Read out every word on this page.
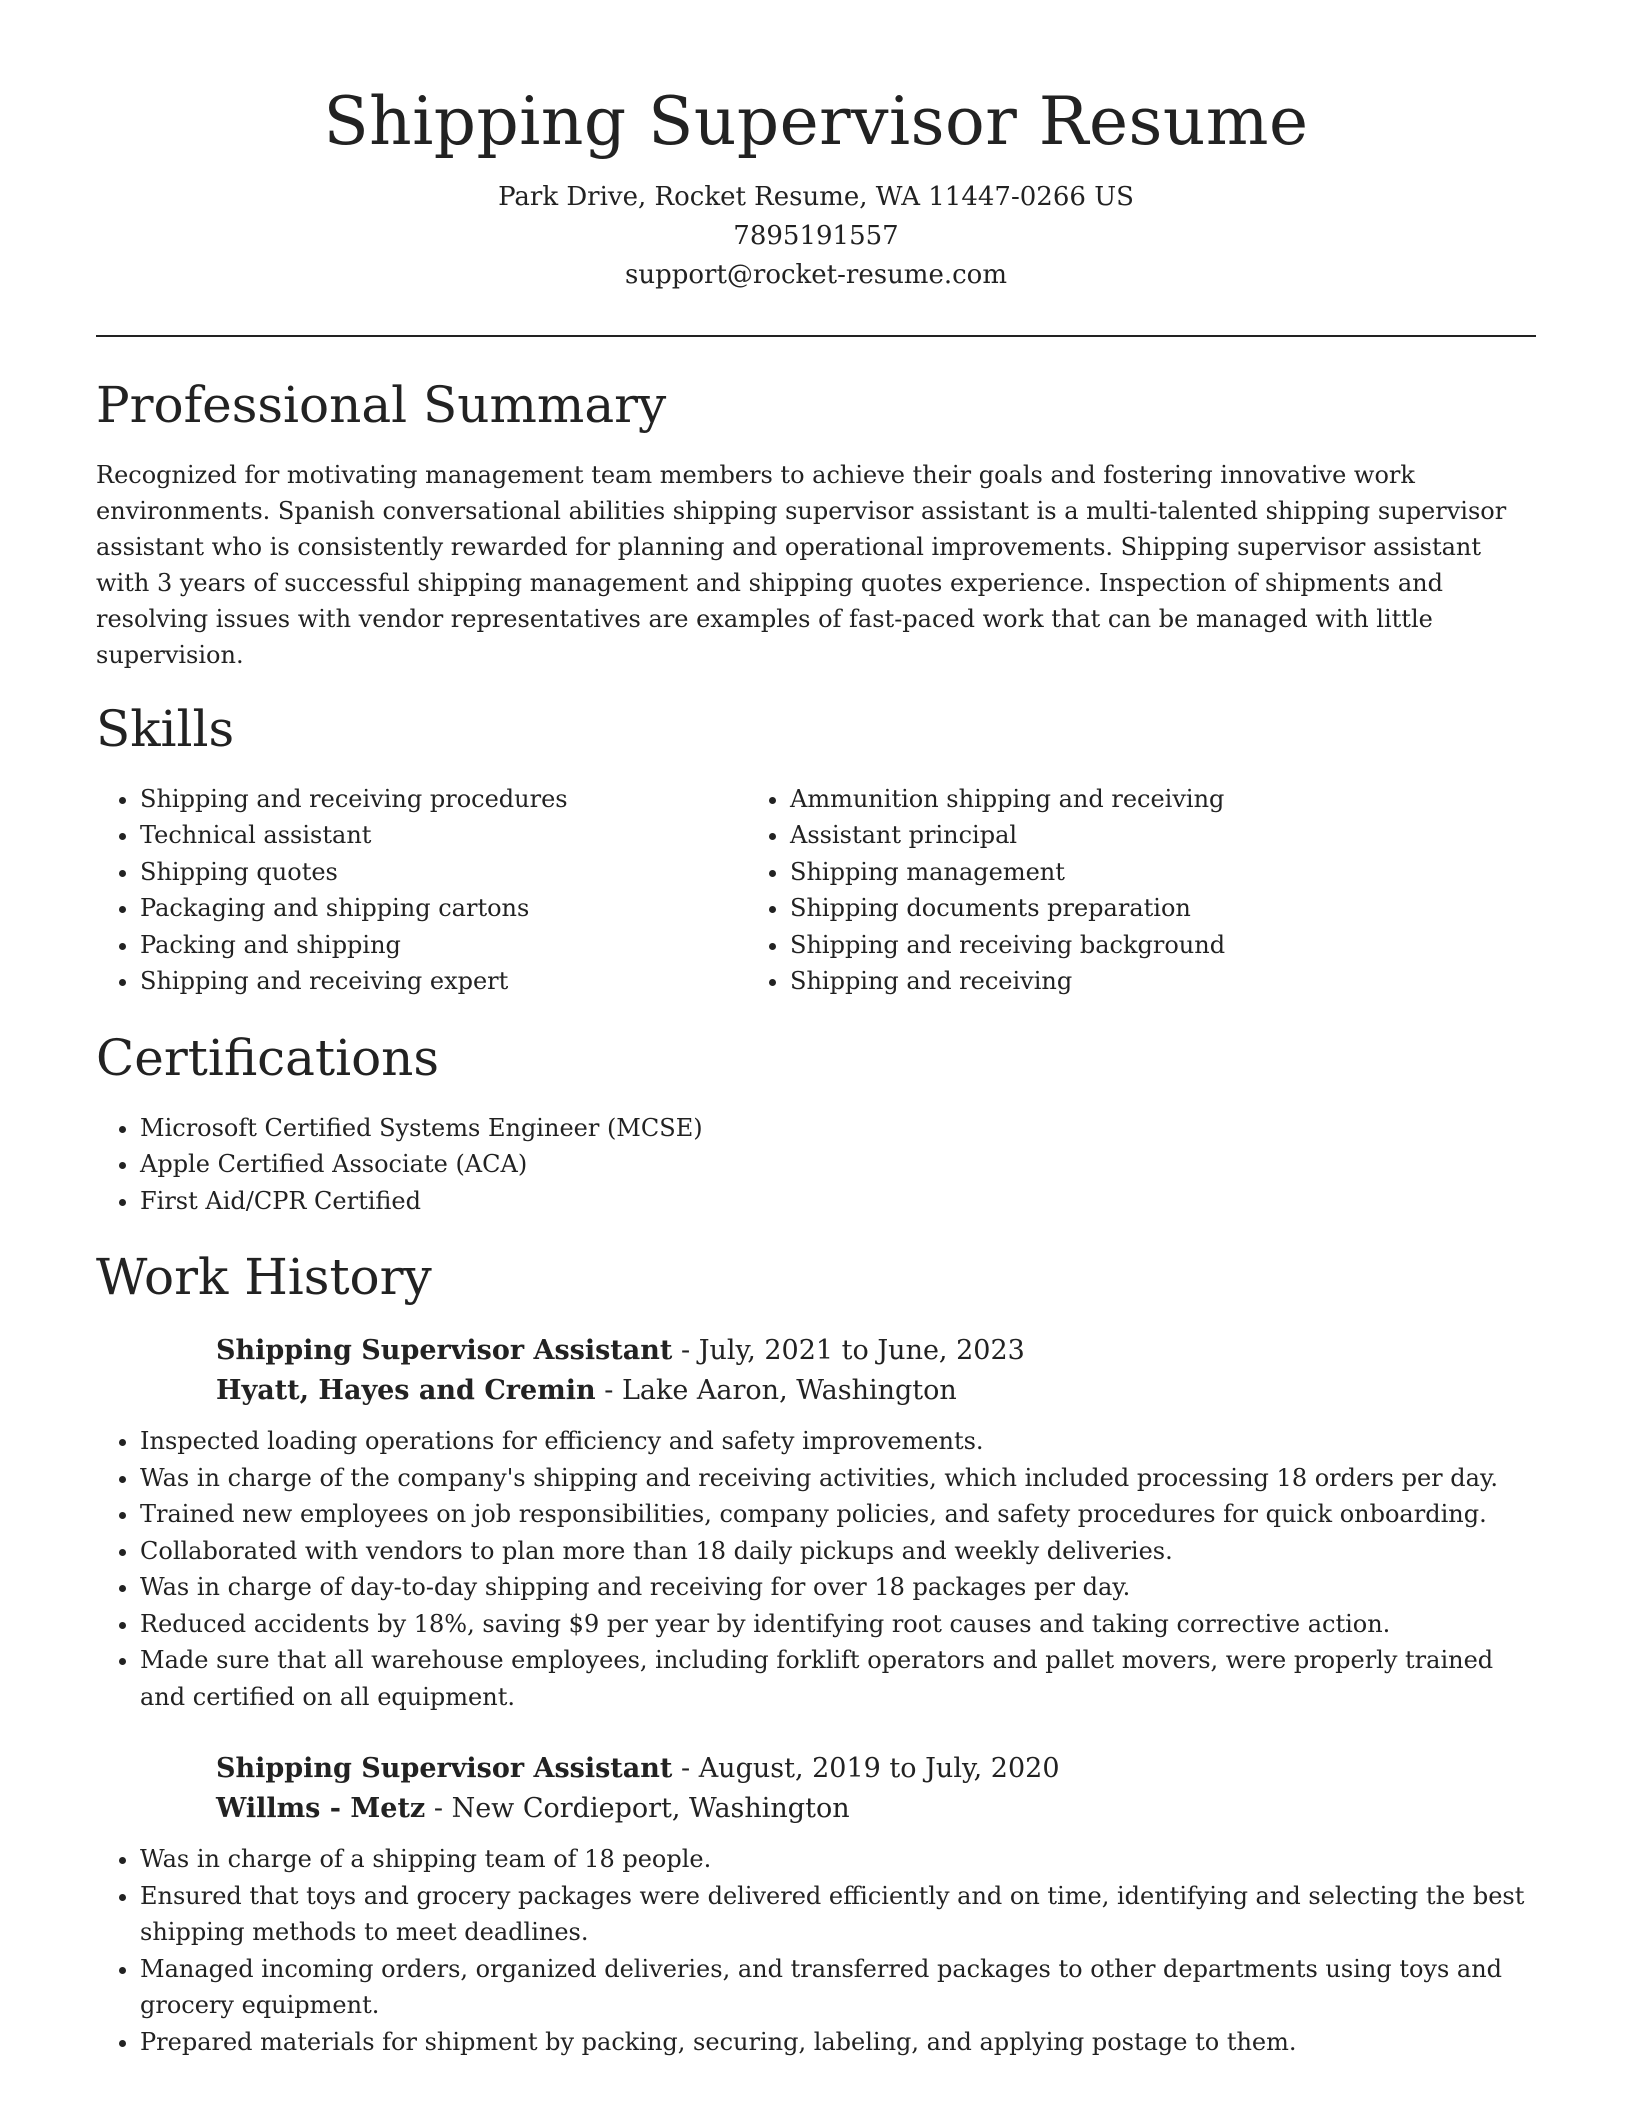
Shipping Supervisor Resume

Park Drive, Rocket Resume, WA 11447-0266 US

7895191557

support@rocket-resume.com

Professional Summary

Recognized for motivating management team members to achieve their goals and fostering innovative work environments. Spanish conversational abilities shipping supervisor assistant is a multi-talented shipping supervisor assistant who is consistently rewarded for planning and operational improvements. Shipping supervisor assistant with 3 years of successful shipping management and shipping quotes experience. Inspection of shipments and resolving issues with vendor representatives are examples of fast-paced work that can be managed with little supervision.

Skills
• Shipping and receiving procedures
• Technical assistant
• Shipping quotes
• Packaging and shipping cartons
• Packing and shipping
• Shipping and receiving expert
• Ammunition shipping and receiving
• Assistant principal
• Shipping management
• Shipping documents preparation
• Shipping and receiving background
• Shipping and receiving
Certifications
• Microsoft Certified Systems Engineer (MCSE)
• Apple Certified Associate (ACA)
• First Aid/CPR Certified
Work History

Shipping Supervisor Assistant - July, 2021 to June, 2023

Hyatt, Hayes and Cremin - Lake Aaron, Washington

• Inspected loading operations for efficiency and safety improvements.
• Was in charge of the company's shipping and receiving activities, which included processing 18 orders per day.
• Trained new employees on job responsibilities, company policies, and safety procedures for quick onboarding.
• Collaborated with vendors to plan more than 18 daily pickups and weekly deliveries.
• Was in charge of day-to-day shipping and receiving for over 18 packages per day.
• Reduced accidents by 18%, saving $9 per year by identifying root causes and taking corrective action.
• Made sure that all warehouse employees, including forklift operators and pallet movers, were properly trained and certified on all equipment.

Shipping Supervisor Assistant - August, 2019 to July, 2020

Willms - Metz - New Cordieport, Washington

• Was in charge of a shipping team of 18 people.
• Ensured that toys and grocery packages were delivered efficiently and on time, identifying and selecting the best shipping methods to meet deadlines.
• Managed incoming orders, organized deliveries, and transferred packages to other departments using toys and grocery equipment.
• Prepared materials for shipment by packing, securing, labeling, and applying postage to them.
